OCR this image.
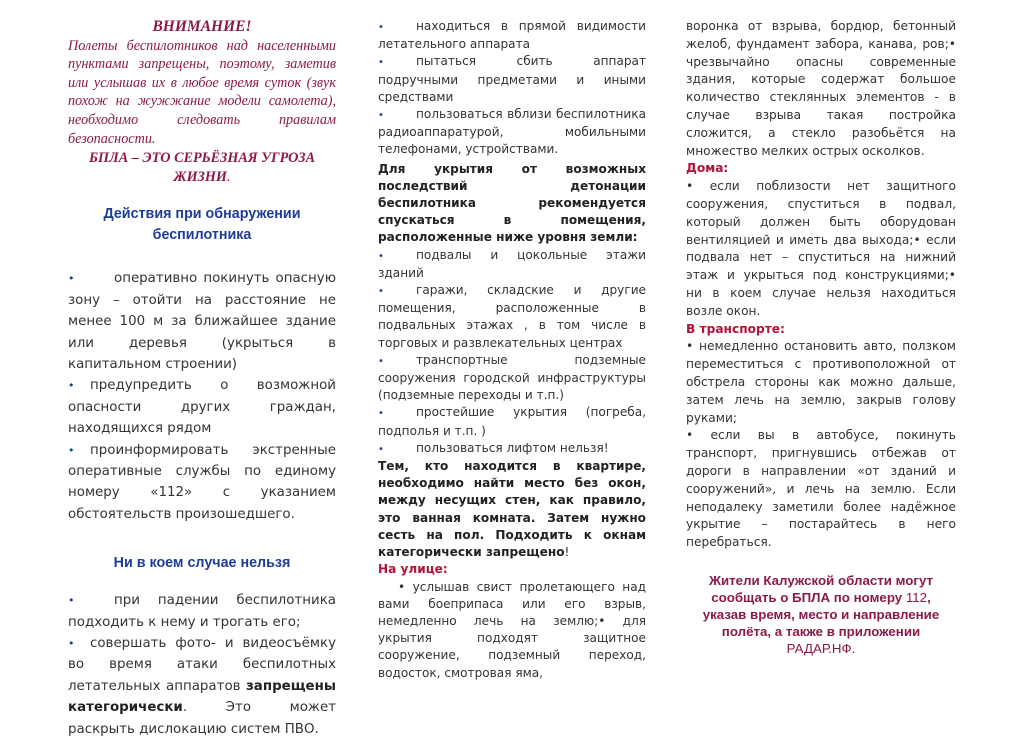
ВНИМАНИЕ!
Полеты беспилотников над населенными пунктами запрещены, поэтому, заметив или услышав их в любое время суток (звук похож на жужжание модели самолета), необходимо следовать правилам безопасности.
БПЛА – ЭТО СЕРЬЁЗНАЯ УГРОЗА ЖИЗНИ.
Действия при обнаружении беспилотника
•	оперативно покинуть опасную зону – отойти на расстояние не менее 100 м за ближайшее здание или деревья (укрыться в капитальном строении)
• предупредить о возможной опасности других граждан, находящихся рядом
• проинформировать экстренные оперативные службы по единому номеру «112» с указанием обстоятельств произошедшего.
Ни в коем случае нельзя
•	при падении беспилотника подходить к нему и трогать его;
• совершать фото- и видеосъёмку во время атаки беспилотных летательных аппаратов запрещены категорически. Это может раскрыть дислокацию систем ПВО.
•	находиться в прямой видимости летательного аппарата
•	пытаться сбить аппарат подручными предметами и иными средствами
•	пользоваться вблизи беспилотника радиоаппаратурой, мобильными телефонами, устройствами.
Для укрытия от возможных последствий детонации беспилотника рекомендуется спускаться в помещения, расположенные ниже уровня земли:
•	подвалы и цокольные этажи зданий
•	гаражи, складские и другие помещения, расположенные в подвальных этажах , в том числе в торговых и развлекательных центрах
•	транспортные подземные сооружения городской инфраструктуры (подземные переходы и т.п.)
•	простейшие укрытия (погреба, подполья и т.п. )
•	пользоваться лифтом нельзя!
Тем, кто находится в квартире, необходимо найти место без окон, между несущих стен, как правило, это ванная комната. Затем нужно сесть на пол. Подходить к окнам категорически запрещено!
На улице:
• услышав свист пролетающего над вами боеприпаса или его взрыв, немедленно лечь на землю;• для укрытия подходят защитное сооружение, подземный переход, водосток, смотровая яма,
воронка от взрыва, бордюр, бетонный желоб, фундамент забора, канава, ров;• чрезвычайно опасны современные здания, которые содержат большое количество стеклянных элементов - в случае взрыва такая постройка сложится, а стекло разобьётся на множество мелких острых осколков.
Дома:
• если поблизости нет защитного сооружения, спуститься в подвал, который должен быть оборудован вентиляцией и иметь два выхода;• если подвала нет – спуститься на нижний этаж и укрыться под конструкциями;• ни в коем случае нельзя находиться возле окон.
В транспорте:
• немедленно остановить авто, ползком переместиться с противоположной от обстрела стороны как можно дальше, затем лечь на землю, закрыв голову руками;
• если вы в автобусе, покинуть транспорт, пригнувшись отбежав от дороги в направлении «от зданий и сооружений», и лечь на землю. Если неподалеку заметили более надёжное укрытие – постарайтесь в него перебраться.
Жители Калужской области могут сообщать о БПЛА по номеру 112, указав время, место и направление полёта, а также в приложении РАДАР.НФ.
